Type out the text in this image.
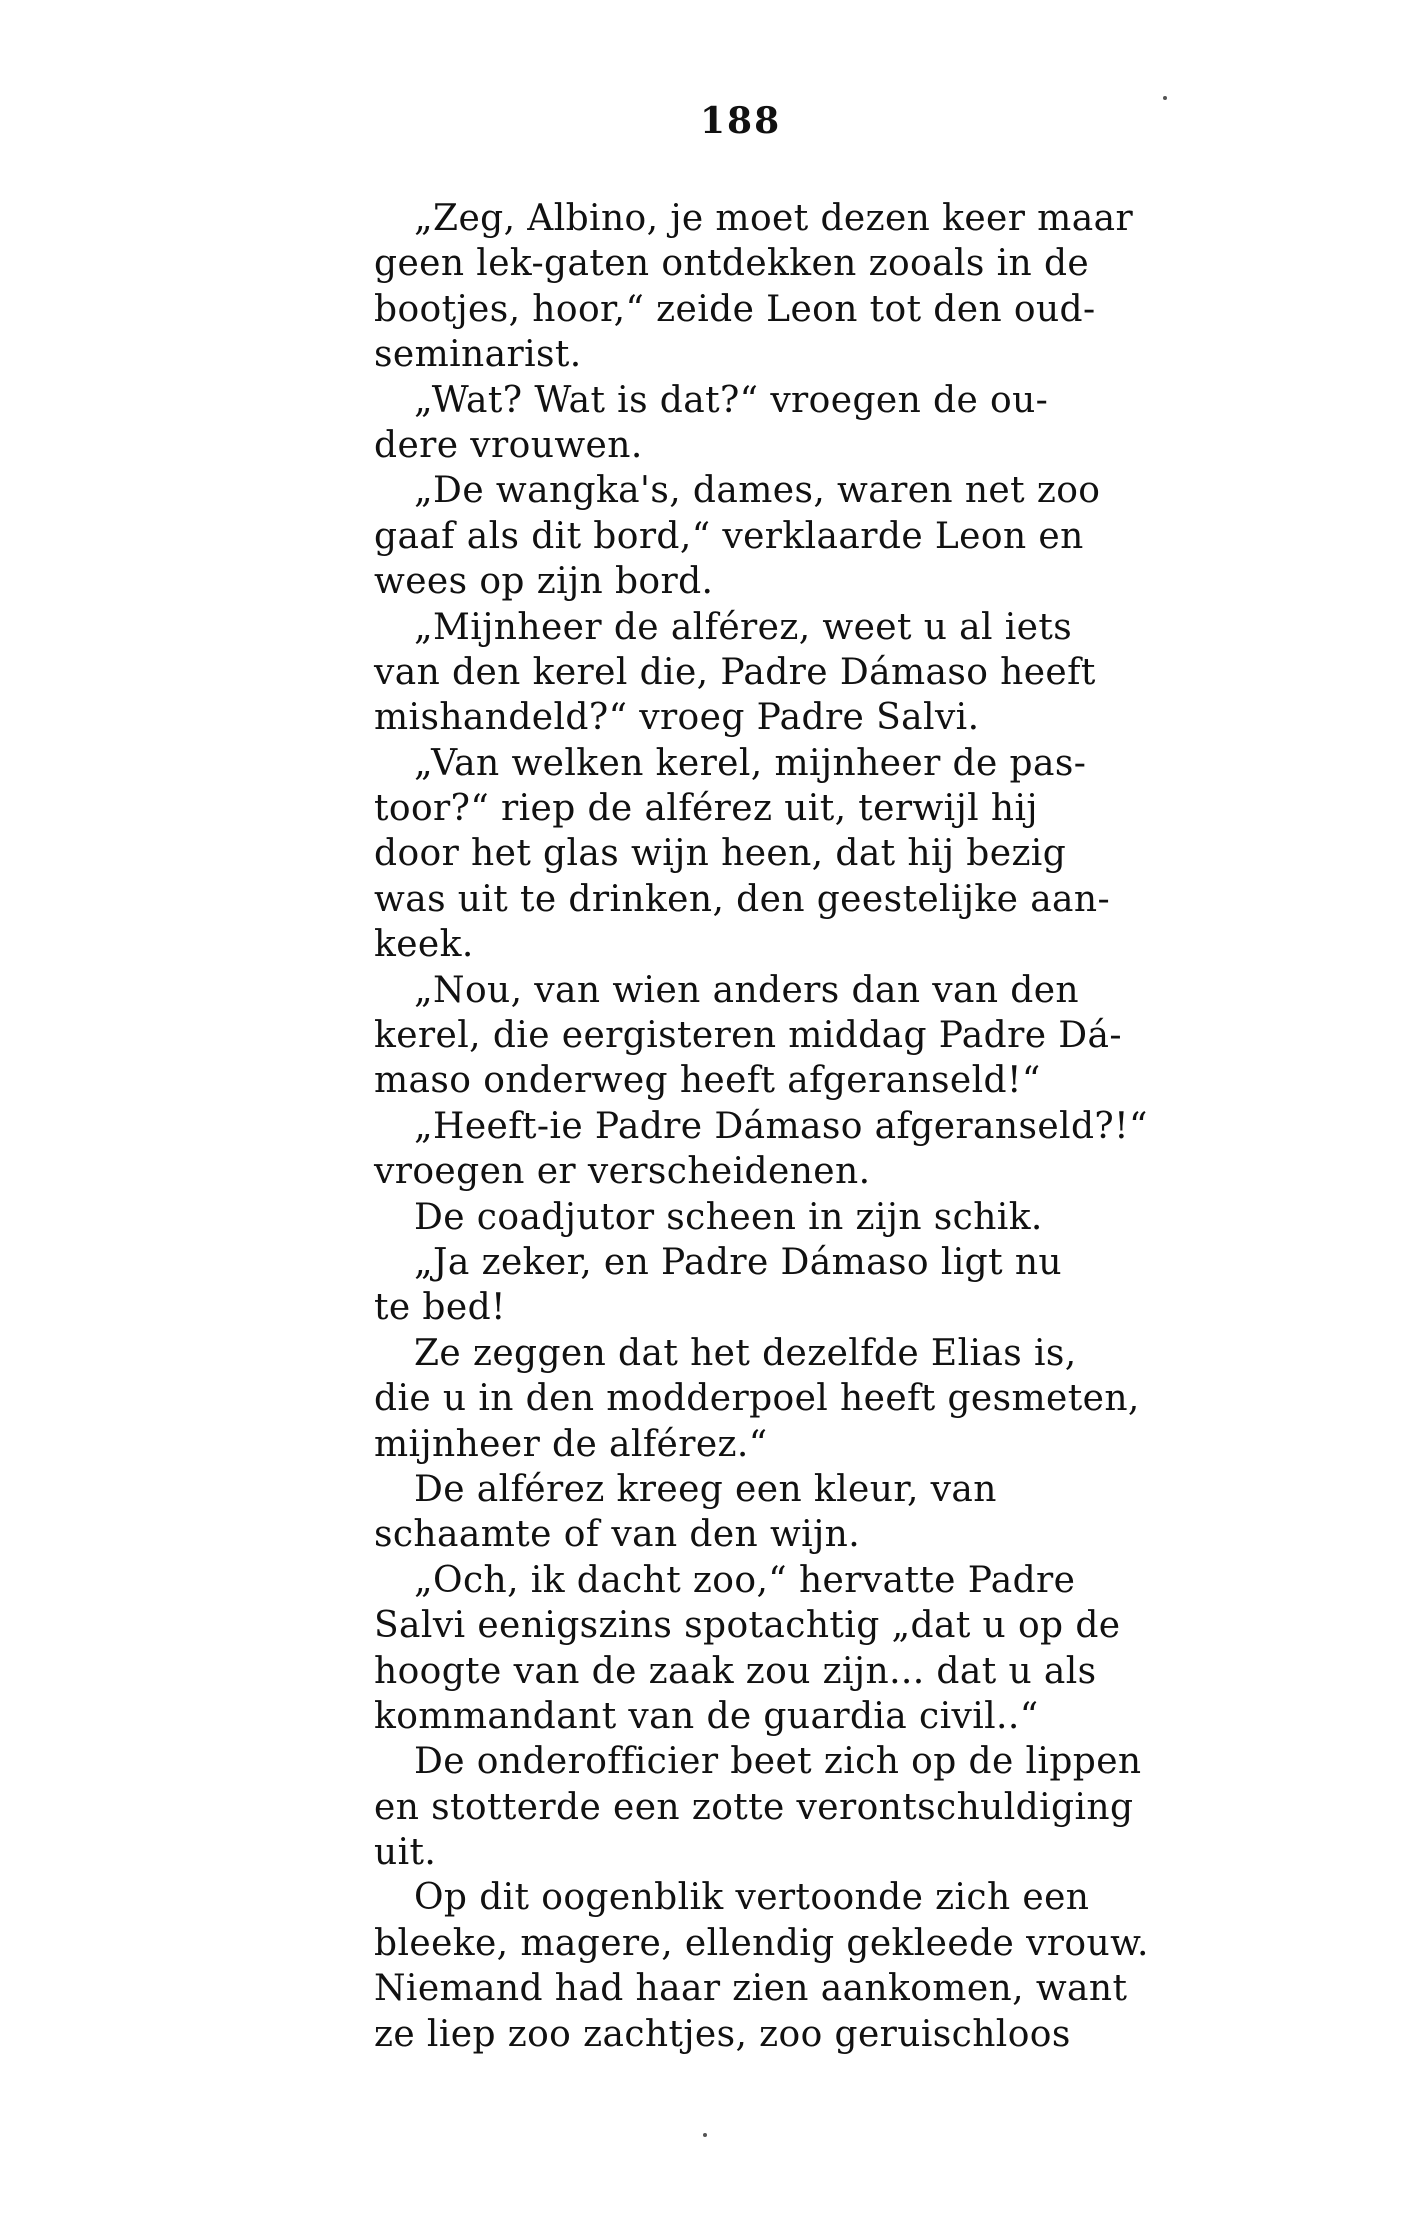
188
„Zeg, Albino, je moet dezen keer maar
geen lek-gaten ontdekken zooals in de
bootjes, hoor,“ zeide Leon tot den oud-
seminarist.
„Wat? Wat is dat?“ vroegen de ou-
dere vrouwen.
„De wangka's, dames, waren net zoo
gaaf als dit bord,“ verklaarde Leon en
wees op zijn bord.
„Mijnheer de alférez, weet u al iets
van den kerel die, Padre Dámaso heeft
mishandeld?“ vroeg Padre Salvi.
„Van welken kerel, mijnheer de pas-
toor?“ riep de alférez uit, terwijl hij
door het glas wijn heen, dat hij bezig
was uit te drinken, den geestelijke aan-
keek.
„Nou, van wien anders dan van den
kerel, die eergisteren middag Padre Dá-
maso onderweg heeft afgeranseld!“
„Heeft-ie Padre Dámaso afgeranseld?!“
vroegen er verscheidenen.
De coadjutor scheen in zijn schik.
„Ja zeker, en Padre Dámaso ligt nu
te bed!
Ze zeggen dat het dezelfde Elias is,
die u in den modderpoel heeft gesmeten,
mijnheer de alférez.“
De alférez kreeg een kleur, van
schaamte of van den wijn.
„Och, ik dacht zoo,“ hervatte Padre
Salvi eenigszins spotachtig „dat u op de
hoogte van de zaak zou zijn... dat u als
kommandant van de guardia civil..“
De onderofficier beet zich op de lippen
en stotterde een zotte verontschuldiging
uit.
Op dit oogenblik vertoonde zich een
bleeke, magere, ellendig gekleede vrouw.
Niemand had haar zien aankomen, want
ze liep zoo zachtjes, zoo geruischloos
